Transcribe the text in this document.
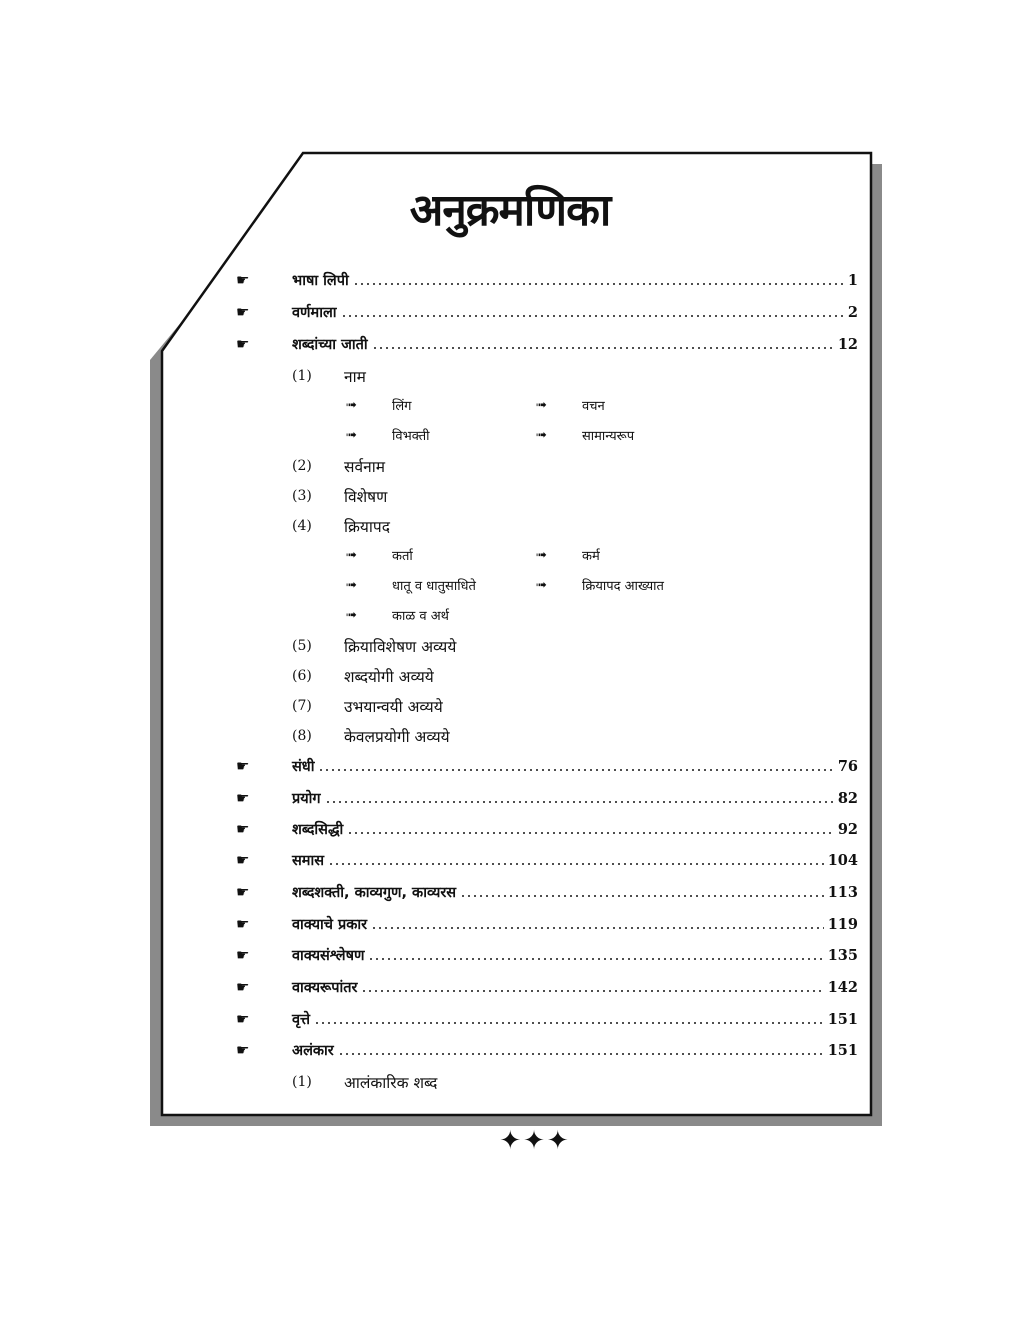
अनुक्रमणिका
☛	भाषा लिपी	1
☛	वर्णमाला	2
☛	शब्दांच्या जाती	12
(1)	नाम
➟	लिंग	➟	वचन
➟	विभक्ती	➟	सामान्यरूप
(2)	सर्वनाम
(3)	विशेषण
(4)	क्रियापद
➟	कर्ता	➟	कर्म
➟	धातू व धातुसाधिते	➟	क्रियापद आख्यात
➟	काळ व अर्थ
(5)	क्रियाविशेषण अव्यये
(6)	शब्दयोगी अव्यये
(7)	उभयान्वयी अव्यये
(8)	केवलप्रयोगी अव्यये
☛	संधी	76
☛	प्रयोग	82
☛	शब्दसिद्धी	92
☛	समास	104
☛	शब्दशक्ती, काव्यगुण, काव्यरस	113
☛	वाक्याचे प्रकार	119
☛	वाक्यसंश्लेषण	135
☛	वाक्यरूपांतर	142
☛	वृत्ते	151
☛	अलंकार	151
(1)	आलंकारिक शब्द
✦✦✦
